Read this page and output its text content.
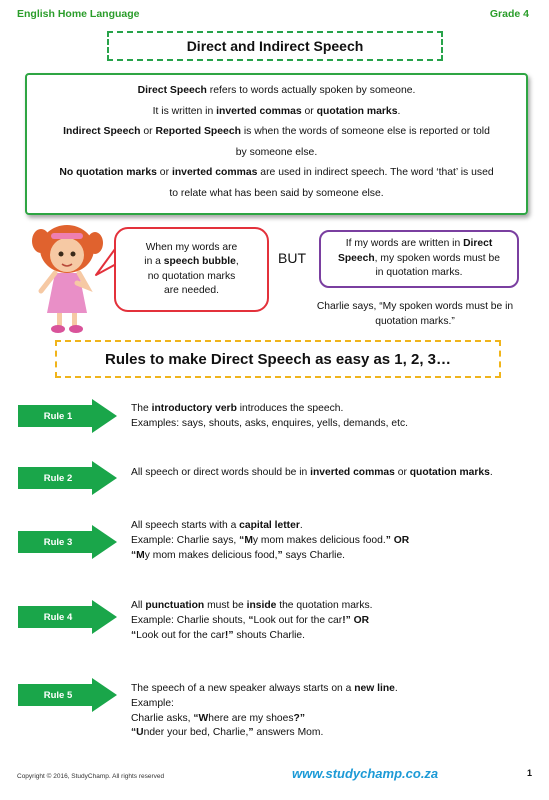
English Home Language	Grade 4
Direct and Indirect Speech

Direct Speech refers to words actually spoken by someone.

It is written in inverted commas or quotation marks.

Indirect Speech or Reported Speech is when the words of someone else is reported or told

by someone else.

No quotation marks or inverted commas are used in indirect speech. The word ‘that’ is used

to relate what has been said by someone else.

When my words are
in a speech bubble,
no quotation marks
are needed.
BUT
If my words are written in Direct
Speech, my spoken words must be
in quotation marks.
Charlie says, “My spoken words must be in
quotation marks.”
Rules to make Direct Speech as easy as 1, 2, 3…
Rule 1
The introductory verb introduces the speech.
Examples: says, shouts, asks, enquires, yells, demands, etc.
Rule 2	All speech or direct words should be in inverted commas or quotation marks.
Rule 3
All speech starts with a capital letter.
Example: Charlie says, “My mom makes delicious food.” OR
“My mom makes delicious food,” says Charlie.
Rule 4
All punctuation must be inside the quotation marks.
Example: Charlie shouts, “Look out for the car!” OR
“Look out for the car!” shouts Charlie.
Rule 5
The speech of a new speaker always starts on a new line.
Example:
Charlie asks, “Where are my shoes?”
“Under your bed, Charlie,” answers Mom.
Copyright © 2016, StudyChamp. All rights reserved	www.studychamp.co.za	1
